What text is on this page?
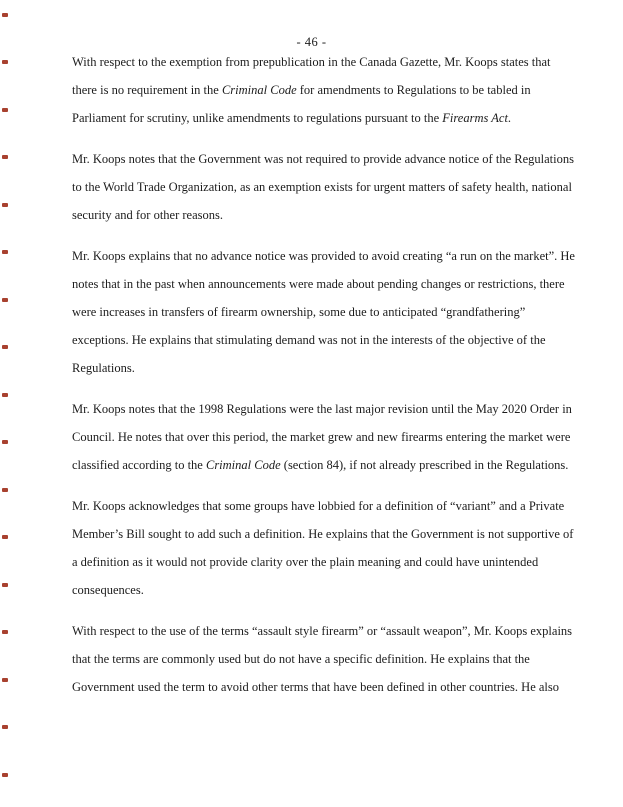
- 46 -

With respect to the exemption from prepublication in the Canada Gazette, Mr. Koops states that
there is no requirement in the Criminal Code for amendments to Regulations to be tabled in
Parliament for scrutiny, unlike amendments to regulations pursuant to the Firearms Act.

Mr. Koops notes that the Government was not required to provide advance notice of the Regulations
to the World Trade Organization, as an exemption exists for urgent matters of safety health, national
security and for other reasons.

Mr. Koops explains that no advance notice was provided to avoid creating “a run on the market”. He
notes that in the past when announcements were made about pending changes or restrictions, there
were increases in transfers of firearm ownership, some due to anticipated “grandfathering”
exceptions. He explains that stimulating demand was not in the interests of the objective of the
Regulations.

Mr. Koops notes that the 1998 Regulations were the last major revision until the May 2020 Order in
Council. He notes that over this period, the market grew and new firearms entering the market were
classified according to the Criminal Code (section 84), if not already prescribed in the Regulations.

Mr. Koops acknowledges that some groups have lobbied for a definition of “variant” and a Private
Member’s Bill sought to add such a definition. He explains that the Government is not supportive of
a definition as it would not provide clarity over the plain meaning and could have unintended
consequences.

With respect to the use of the terms “assault style firearm” or “assault weapon”, Mr. Koops explains
that the terms are commonly used but do not have a specific definition. He explains that the
Government used the term to avoid other terms that have been defined in other countries. He also
